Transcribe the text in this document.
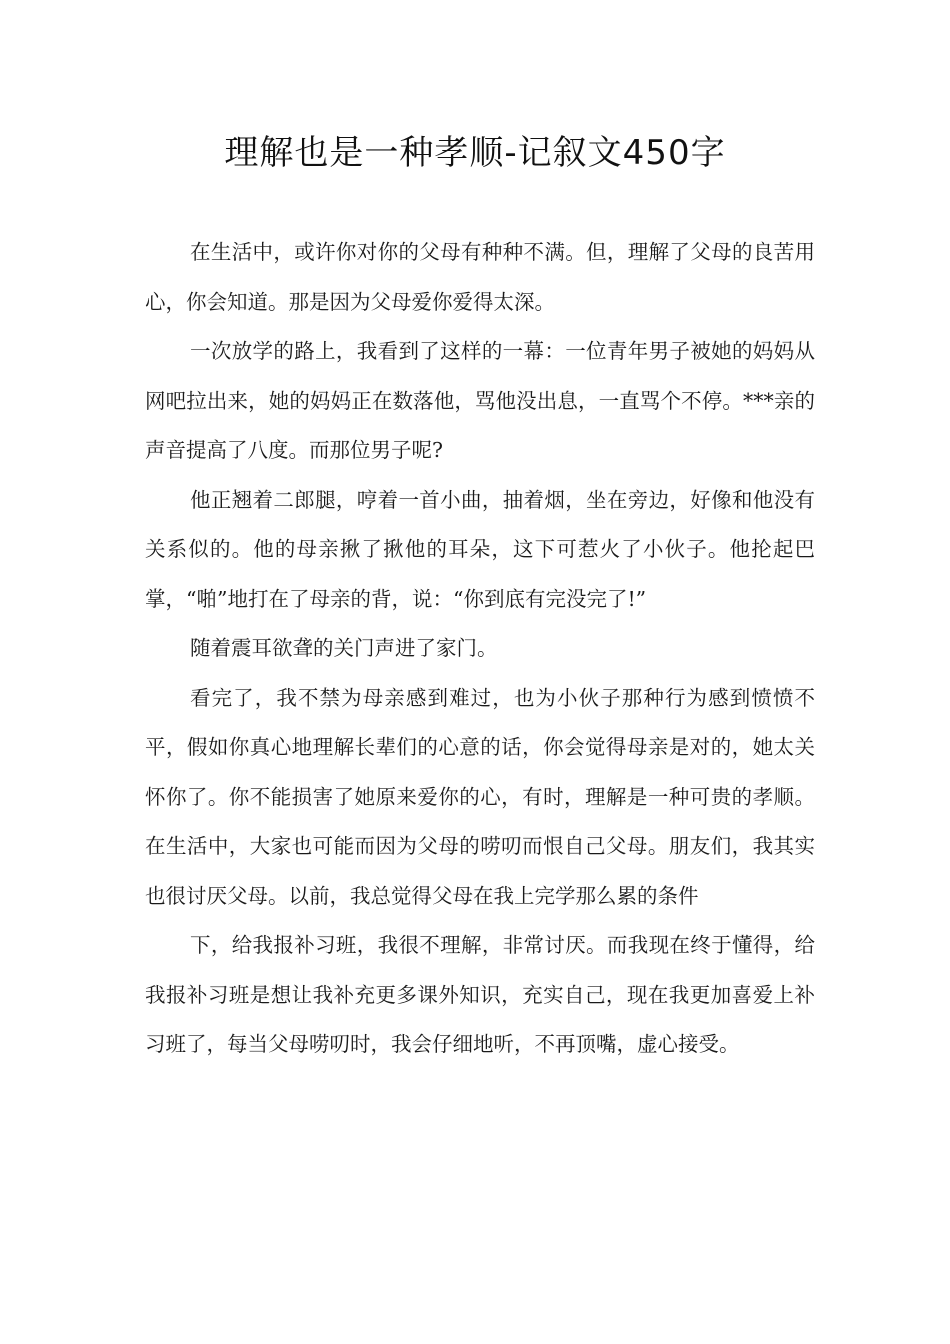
理解也是一种孝顺-记叙文450字

在生活中，或许你对你的父母有种种不满。但，理解了父母的良苦用心，你会知道。那是因为父母爱你爱得太深。

一次放学的路上，我看到了这样的一幕：一位青年男子被她的妈妈从网吧拉出来，她的妈妈正在数落他，骂他没出息，一直骂个不停。***亲的声音提高了八度。而那位男子呢?

他正翘着二郎腿，哼着一首小曲，抽着烟，坐在旁边，好像和他没有关系似的。他的母亲揪了揪他的耳朵，这下可惹火了小伙子。他抡起巴掌，“啪”地打在了母亲的背，说：“你到底有完没完了!”

随着震耳欲聋的关门声进了家门。

看完了，我不禁为母亲感到难过，也为小伙子那种行为感到愤愤不平，假如你真心地理解长辈们的心意的话，你会觉得母亲是对的，她太关怀你了。你不能损害了她原来爱你的心，有时，理解是一种可贵的孝顺。 在生活中，大家也可能而因为父母的唠叨而恨自己父母。朋友们，我其实也很讨厌父母。以前，我总觉得父母在我上完学那么累的条件

下，给我报补习班，我很不理解，非常讨厌。而我现在终于懂得，给我报补习班是想让我补充更多课外知识，充实自己，现在我更加喜爱上补习班了，每当父母唠叨时，我会仔细地听，不再顶嘴，虚心接受。
